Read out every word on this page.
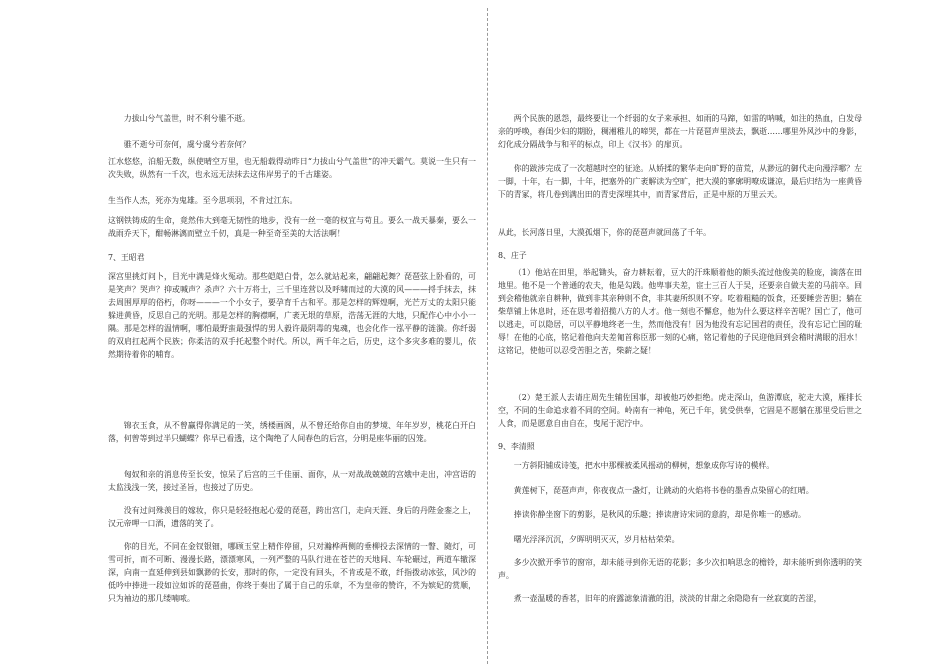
力拔山兮气盖世，时不利兮骓不逝。

骓不逝兮可奈何，虞兮虞兮若奈何？

江水悠悠，泊船无数，纵使晴空万里，也无船载得动昨日“力拔山兮气盖世”的冲天霸气。莫说一生只有一次失败，纵然有一千次，也永远无法抹去这伟岸男子的千古雄姿。

生当作人杰，死亦为鬼雄。至今思项羽，不肯过江东。

这钢铁铸成的生命，竟然伟大到毫无韧性的地步，没有一丝一毫的权宜与苟且。要么一战天暴秦，要么一战雨乔天下，酣畅淋漓而壁立千仞，真是一种至奇至美的大活法啊！

7、王昭君

深宫里挑灯问卜，目光中满是烽火冤动。那些皑皑白骨，怎么就站起来，翩翩起舞？琵琶弦上卧看的，可是笑声？哭声？抑或喊声？杀声？六十万将士，三千里连营以及呼啸而过的大漠的风———捋手抹去，抹去周围厚厚的俗朽，你呀———一个小女子，要孕育千古和平。那是怎样的辉煌啊，光芒万丈的太阳只能躲进黄昏，反思自己的光明。那是怎样的胸襟啊，广袤无垠的草原，浩荡无涯的大地，只配作心中小小一隅。那是怎样的温情啊，哪怕最野蛮最强悍的男人毅许最阴毒的鬼魂，也会化作一泓平静的涟漪。你纤弱的双肩扛起两个民族；你柔洁的双手托起整个时代。所以，两千年之后，历史，这个多灾多难的婴儿，依然期待着你的哺育。

锦衣玉食，从不曾赢得你满足的一笑，绣楼画阁，从不曾还给你自由的梦境、年年岁岁，桃花白开白落，何曾等到过半只蝴蝶？你早已看透，这个陶绝了人间春色的后宫，分明是座华丽的囚笼。

匈奴和亲的消息传至长安，惊呆了后宫的三千佳丽、面你，从一对战战兢兢的宫娥中走出，冲宫语的太监浅浅一笑，接过圣旨，也接过了历史。

没有过问殊羡目的嫁妆，你只是轻轻抱起心爱的琵琶，跨出宫门，走向天涯、身后的丹陛金銮之上，汉元帝呷一口酒，遗落的笑了。

你的目光，不同在金钗银钿，哪顾玉堂上精作停留，只对瀚桦两侧的垂柳投去深情的一瞥、随灯，可雪可折，而不可断、漫漫长路，漂漂寒风，一列严整的马队行进在苍芒的天地间、车轮碾过，两道车辙深深，向南一直延伸到县如飘渺的长安，那时的你，一定没有回头，不肯或是不敢，纤指拨动冰弦，风沙的低吟中捧进一段如泣如诉的琵琶曲，你终于奏出了属于自己的乐章，不为皇帝的赞许，不为嫔妃的赏顺，只为袖边的那几缕喃哝。

两个民族的恩怨，最终要让一个纤弱的女子来承担、如雨的马蹄，如雷的呐喊，如注的热血，白发母亲的呼唤，春闺少妇的期盼，稠湘稚儿的啼哭，都在一片琵琶声里淡去，飘逝……哪里外风沙中的身影，幻化成分隔战争与和平的标点，印上《汉书》的扉页。

你的跋涉完成了一次超越时空的征途。从娇揉的繁华走向旷野的苗荒，从渺远的御代走向漫浮哪？左一脚，十年，右一脚，十年，把塞外的广袤解读为空旷，把大漠的寥廓明嘹成谦凉，最后归结为一座黄昏下的青冢，将几卷到满出田的青史深埋其中，而青冢背后，正是中原的万里云天。

从此，长河落日里，大漠孤烟下，你的琵琶声就回荡了千年。

8、庄子

（1）他站在田里，举起锄头，奋力耕耘着，豆大的汗珠顺着他的额头流过他俊美的脸庞，滴落在田地里。他不是一个普通的农夫，他是勾践。他卑事夫差，宦士三百人于吴，还要亲自做夫差的马前卒。回到会稽他就亲自耕种，做到非其亲种则不食，非其妻所织则不穿。吃着粗糙的饭食，还要睡尝苦胆；躺在柴草铺上休息时，还在思考着招揽八方的人才。他一刻也不懈怠，他为什么要这样辛苦呢？国亡了，他可以逃走，可以隐居，可以平静地终老一生，然而他没有！因为他没有忘记国君的责任，没有忘记亡国的耻辱！在他的心底，铭记着他向夫差匍首称臣那一刻的心痛，铭记着他的子民迎他回到会稽时满眼的泪水！这铭记，使他可以忍受苦胆之苦，柴薪之疑！

（2）楚王派人去请庄周先生辅佐国事，却被他巧妙拒绝。虎走深山，鱼游潭底，驼走大漠，雁排长空，不同的生命追求着不同的空间。岭南有一神龟，死已千年，犹受供奉，它固是不愿躺在那里受后世之人食，而是愿意自由自在，曳尾于泥泞中。

9、李清照

一方斜阳铺成诗笺，把水中那棵被柔风摇动的柳树，想象成你写诗的模样。

黄莲树下，琵琶声声，你夜夜点一盏灯，让跳动的火焰将书卷的墨香点染留心的红晴。

捧读你静坐窗下的剪影，是秋风的乐趣；捧读唐诗宋词的意韵，却是你唯一的感动。

曙光浮泽沉沉，夕晖明明灭灭，岁月枯枯荣荣。

多少次掀开季节的窗帘，却未能寻到你无语的花影；多少次扣响思念的檐铃，却未能听到你透明的笑声。

煮一壶温暖的香茗，旧年的府露滤象清澈的泪，淡淡的甘甜之余隐隐有一丝寂寞的苦涩，
